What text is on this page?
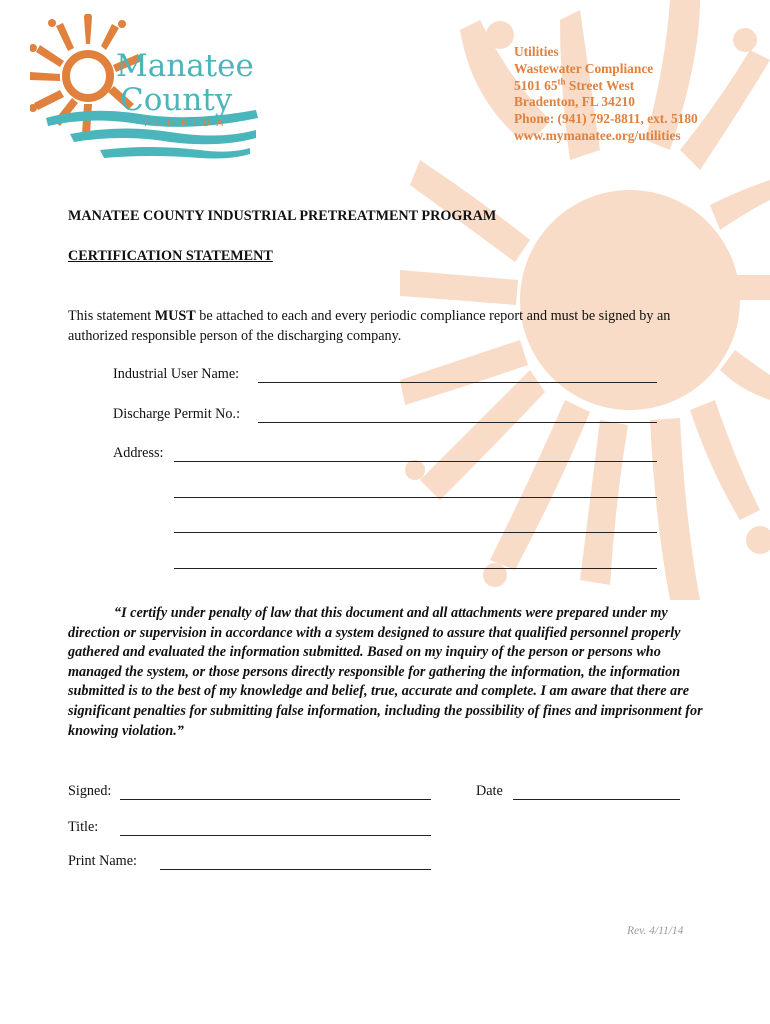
Manatee
County
FLORIDA
Utilities
Wastewater Compliance
5101 65th Street West
Bradenton, FL 34210
Phone: (941) 792-8811, ext. 5180
www.mymanatee.org/utilities
MANATEE COUNTY INDUSTRIAL PRETREATMENT PROGRAM
CERTIFICATION STATEMENT
This statement MUST be attached to each and every periodic compliance report and must be signed by an authorized responsible person of the discharging company.
Industrial User Name:
Discharge Permit No.:
Address:
“I certify under penalty of law that this document and all attachments were prepared under my direction or supervision in accordance with a system designed to assure that qualified personnel properly gathered and evaluated the information submitted. Based on my inquiry of the person or persons who managed the system, or those persons directly responsible for gathering the information, the information submitted is to the best of my knowledge and belief, true, accurate and complete. I am aware that there are significant penalties for submitting false information, including the possibility of fines and imprisonment for knowing violation.”
Signed:	Date
Title:
Print Name:
Rev. 4/11/14
